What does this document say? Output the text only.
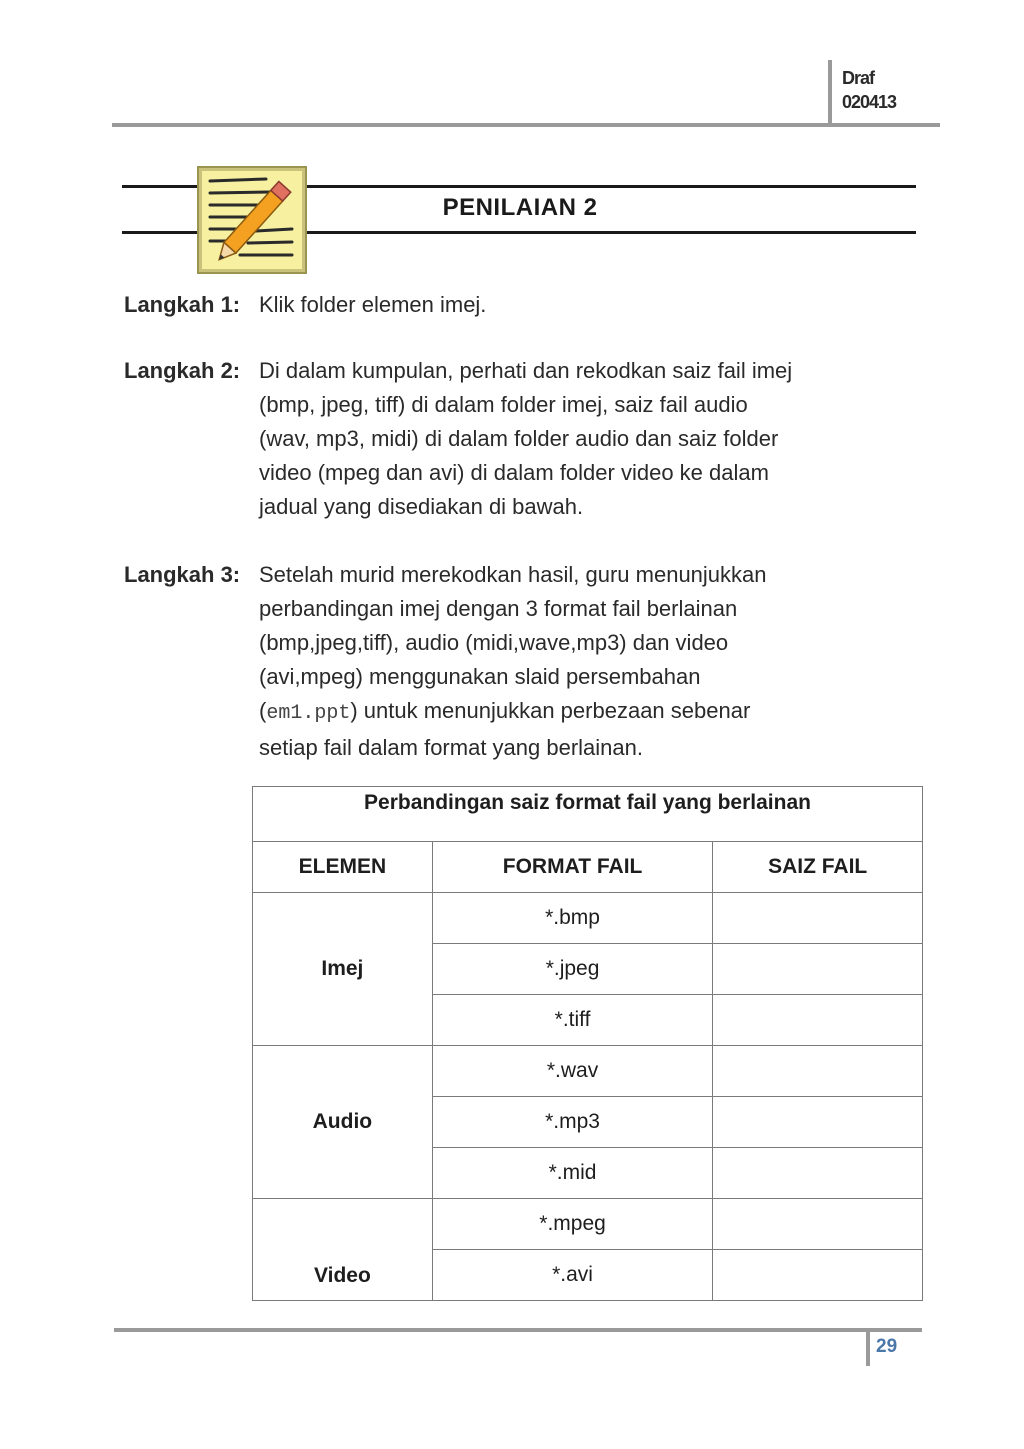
Draf
020413
PENILAIAN 2
Langkah 1: Klik folder elemen imej.
Langkah 2: Di dalam kumpulan, perhati dan rekodkan saiz fail imej
(bmp, jpeg, tiff) di dalam folder imej, saiz fail audio
(wav, mp3, midi) di dalam folder audio dan saiz folder
video (mpeg dan avi) di dalam folder video ke dalam
jadual yang disediakan di bawah.
Langkah 3: Setelah murid merekodkan hasil, guru menunjukkan
perbandingan imej dengan 3 format fail berlainan
(bmp,jpeg,tiff), audio (midi,wave,mp3) dan video
(avi,mpeg) menggunakan slaid persembahan
(em1.ppt) untuk menunjukkan perbezaan sebenar
setiap fail dalam format yang berlainan.
Perbandingan saiz format fail yang berlainan		
ELEMEN	FORMAT FAIL	SAIZ FAIL
Imej	*.bmp	
	*.jpeg	
	*.tiff	
Audio	*.wav	
	*.mp3	
	*.mid	
Video	*.mpeg	
	*.avi	
29
